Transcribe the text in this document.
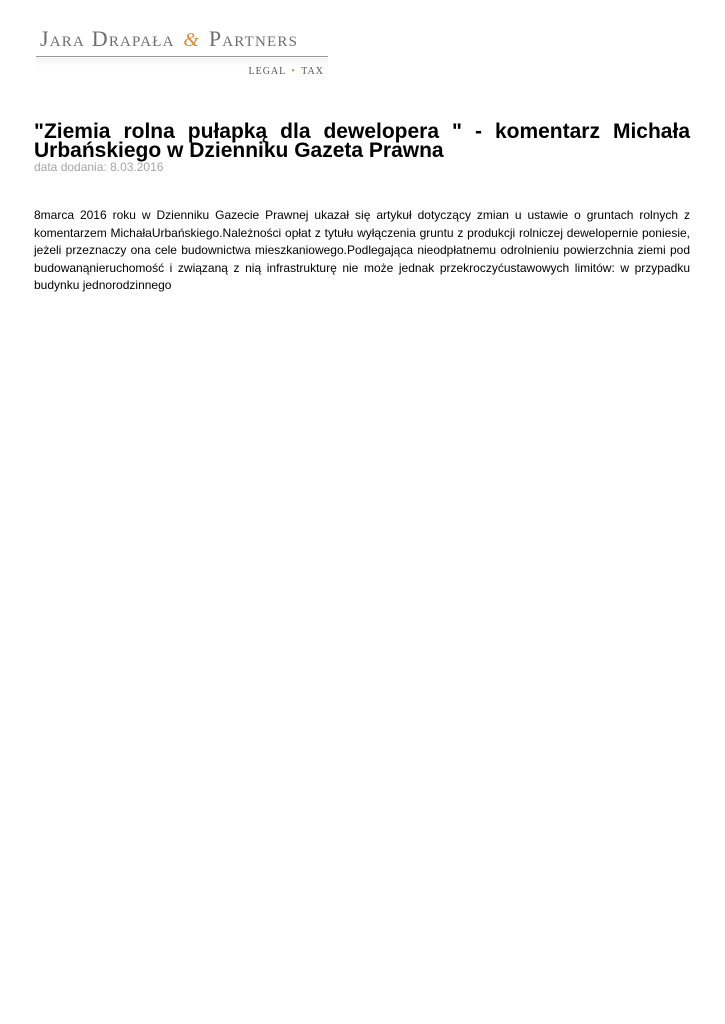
Jara Drapała & Partners
LEGAL • TAX
"Ziemia rolna pułapką dla dewelopera " - komentarz Michała Urbańskiego w Dzienniku Gazeta Prawna
data dodania: 8.03.2016

8marca 2016 roku w Dzienniku Gazecie Prawnej ukazał się artykuł dotyczący zmian u ustawie o gruntach rolnych z komentarzem MichałaUrbańskiego.Należności opłat z tytułu wyłączenia gruntu z produkcji rolniczej dewelopernie poniesie, jeżeli przeznaczy ona cele budownictwa mieszkaniowego.Podlegająca nieodpłatnemu odrolnieniu powierzchnia ziemi pod budowanąnieruchomość i związaną z nią infrastrukturę nie może jednak przekroczyćustawowych limitów: w przypadku budynku jednorodzinnego
